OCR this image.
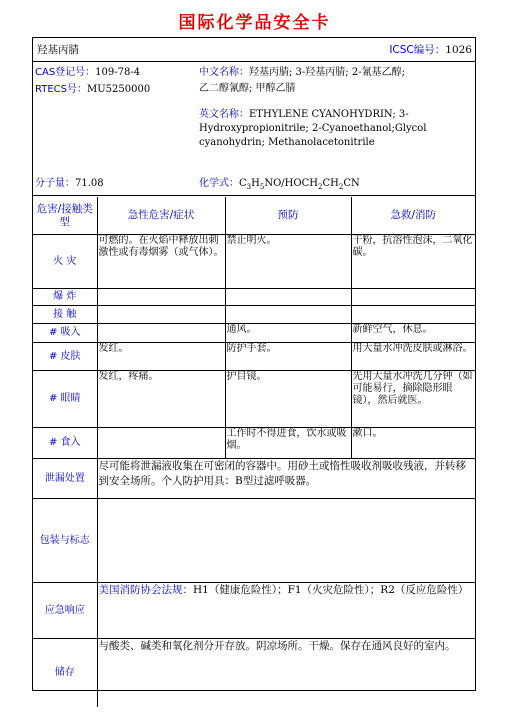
国际化学品安全卡
羟基丙腈	ICSC编号：1026
CAS登记号：109-78-4
RTECS号：MU5250000
中文名称：羟基丙腈; 3-羟基丙腈; 2-氰基乙醇;
乙二醇氰醇; 甲醇乙腈
英文名称：ETHYLENE CYANOHYDRIN; 3-
Hydroxypropionitrile; 2-Cyanoethanol;Glycol
cyanohydrin; Methanolacetonitrile
分子量：71.08	化学式：$C_3H_5NO/HOCH_2CH_2CN$
危害/接触类型	急性危害/症状	预防	急救/消防
火 灾	可燃的。在火焰中释放出刺激性或有毒烟雾（或气体）。	禁止明火。	干粉，抗溶性泡沫，二氧化碳。
爆 炸			
接 触			
# 吸入		通风。	新鲜空气，休息。
# 皮肤	发红。	防护手套。	用大量水冲洗皮肤或淋浴。
# 眼睛	发红，疼痛。	护目镜。	先用大量水冲洗几分钟（如可能易行，摘除隐形眼镜），然后就医。
# 食入		工作时不得进食，饮水或吸烟。	漱口。
泄漏处置	尽可能将泄漏液收集在可密闭的容器中。用砂土或惰性吸收剂吸收残液，并转移到安全场所。个人防护用具：B型过滤呼吸器。		
包装与标志			
应急响应	美国消防协会法规：H1（健康危险性）；F1（火灾危险性）；R2（反应危险性）		
储存	与酸类、碱类和氧化剂分开存放。阴凉场所。干燥。保存在通风良好的室内。		
